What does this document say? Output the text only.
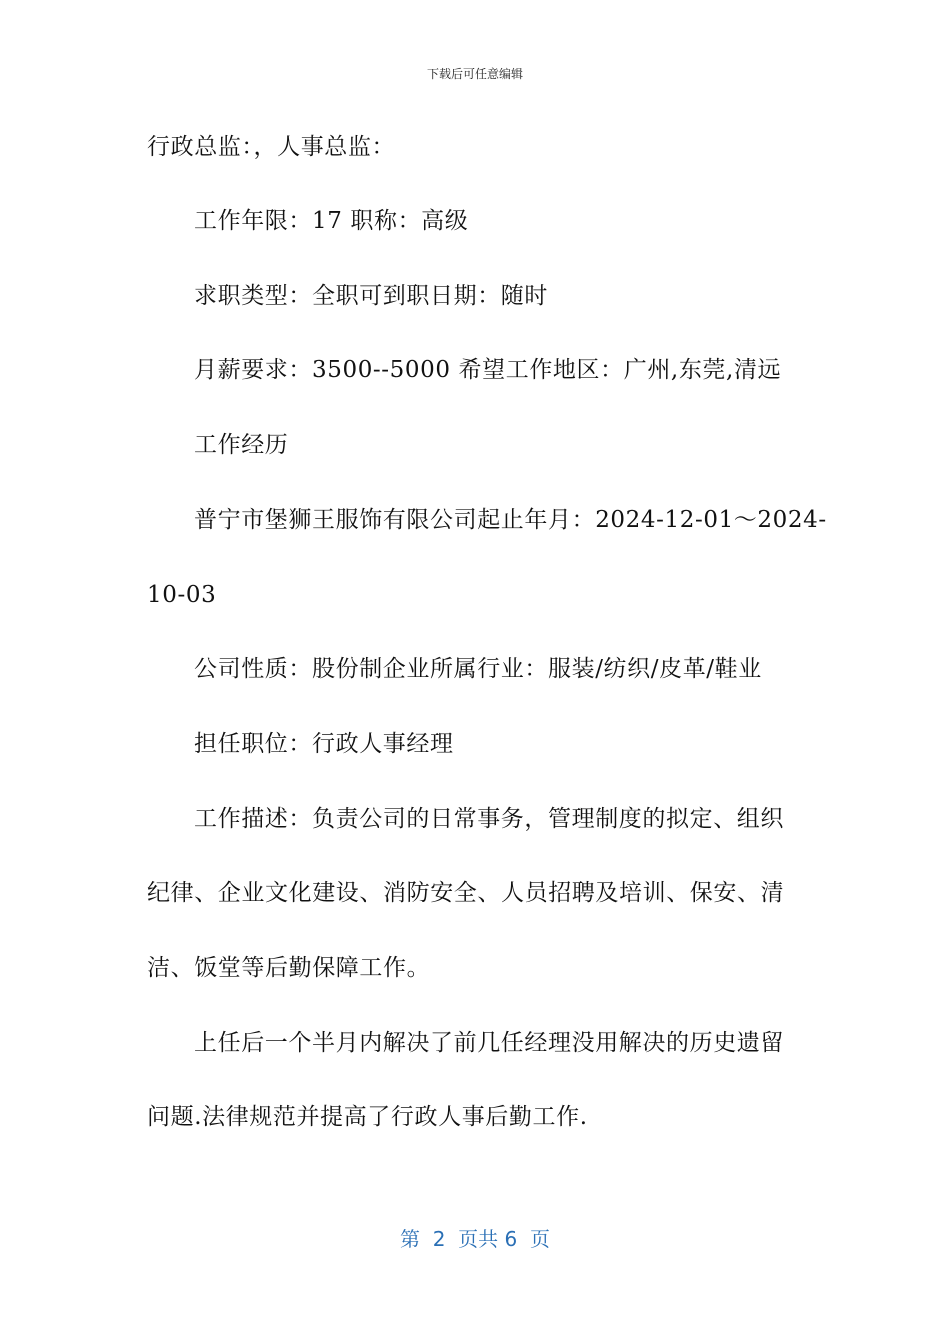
下载后可任意编辑
行政总监：，人事总监：
工作年限：17 职称：高级
求职类型：全职可到职日期：随时
月薪要求：3500--5000 希望工作地区：广州,东莞,清远
工作经历
普宁市堡狮王服饰有限公司起止年月：2024-12-01～2024-
10-03
公司性质：股份制企业所属行业：服装/纺织/皮革/鞋业
担任职位：行政人事经理
工作描述：负责公司的日常事务，管理制度的拟定、组织
纪律、企业文化建设、消防安全、人员招聘及培训、保安、清
洁、饭堂等后勤保障工作。
上任后一个半月内解决了前几任经理没用解决的历史遗留
问题.法律规范并提高了行政人事后勤工作.
第  2  页共 6  页
